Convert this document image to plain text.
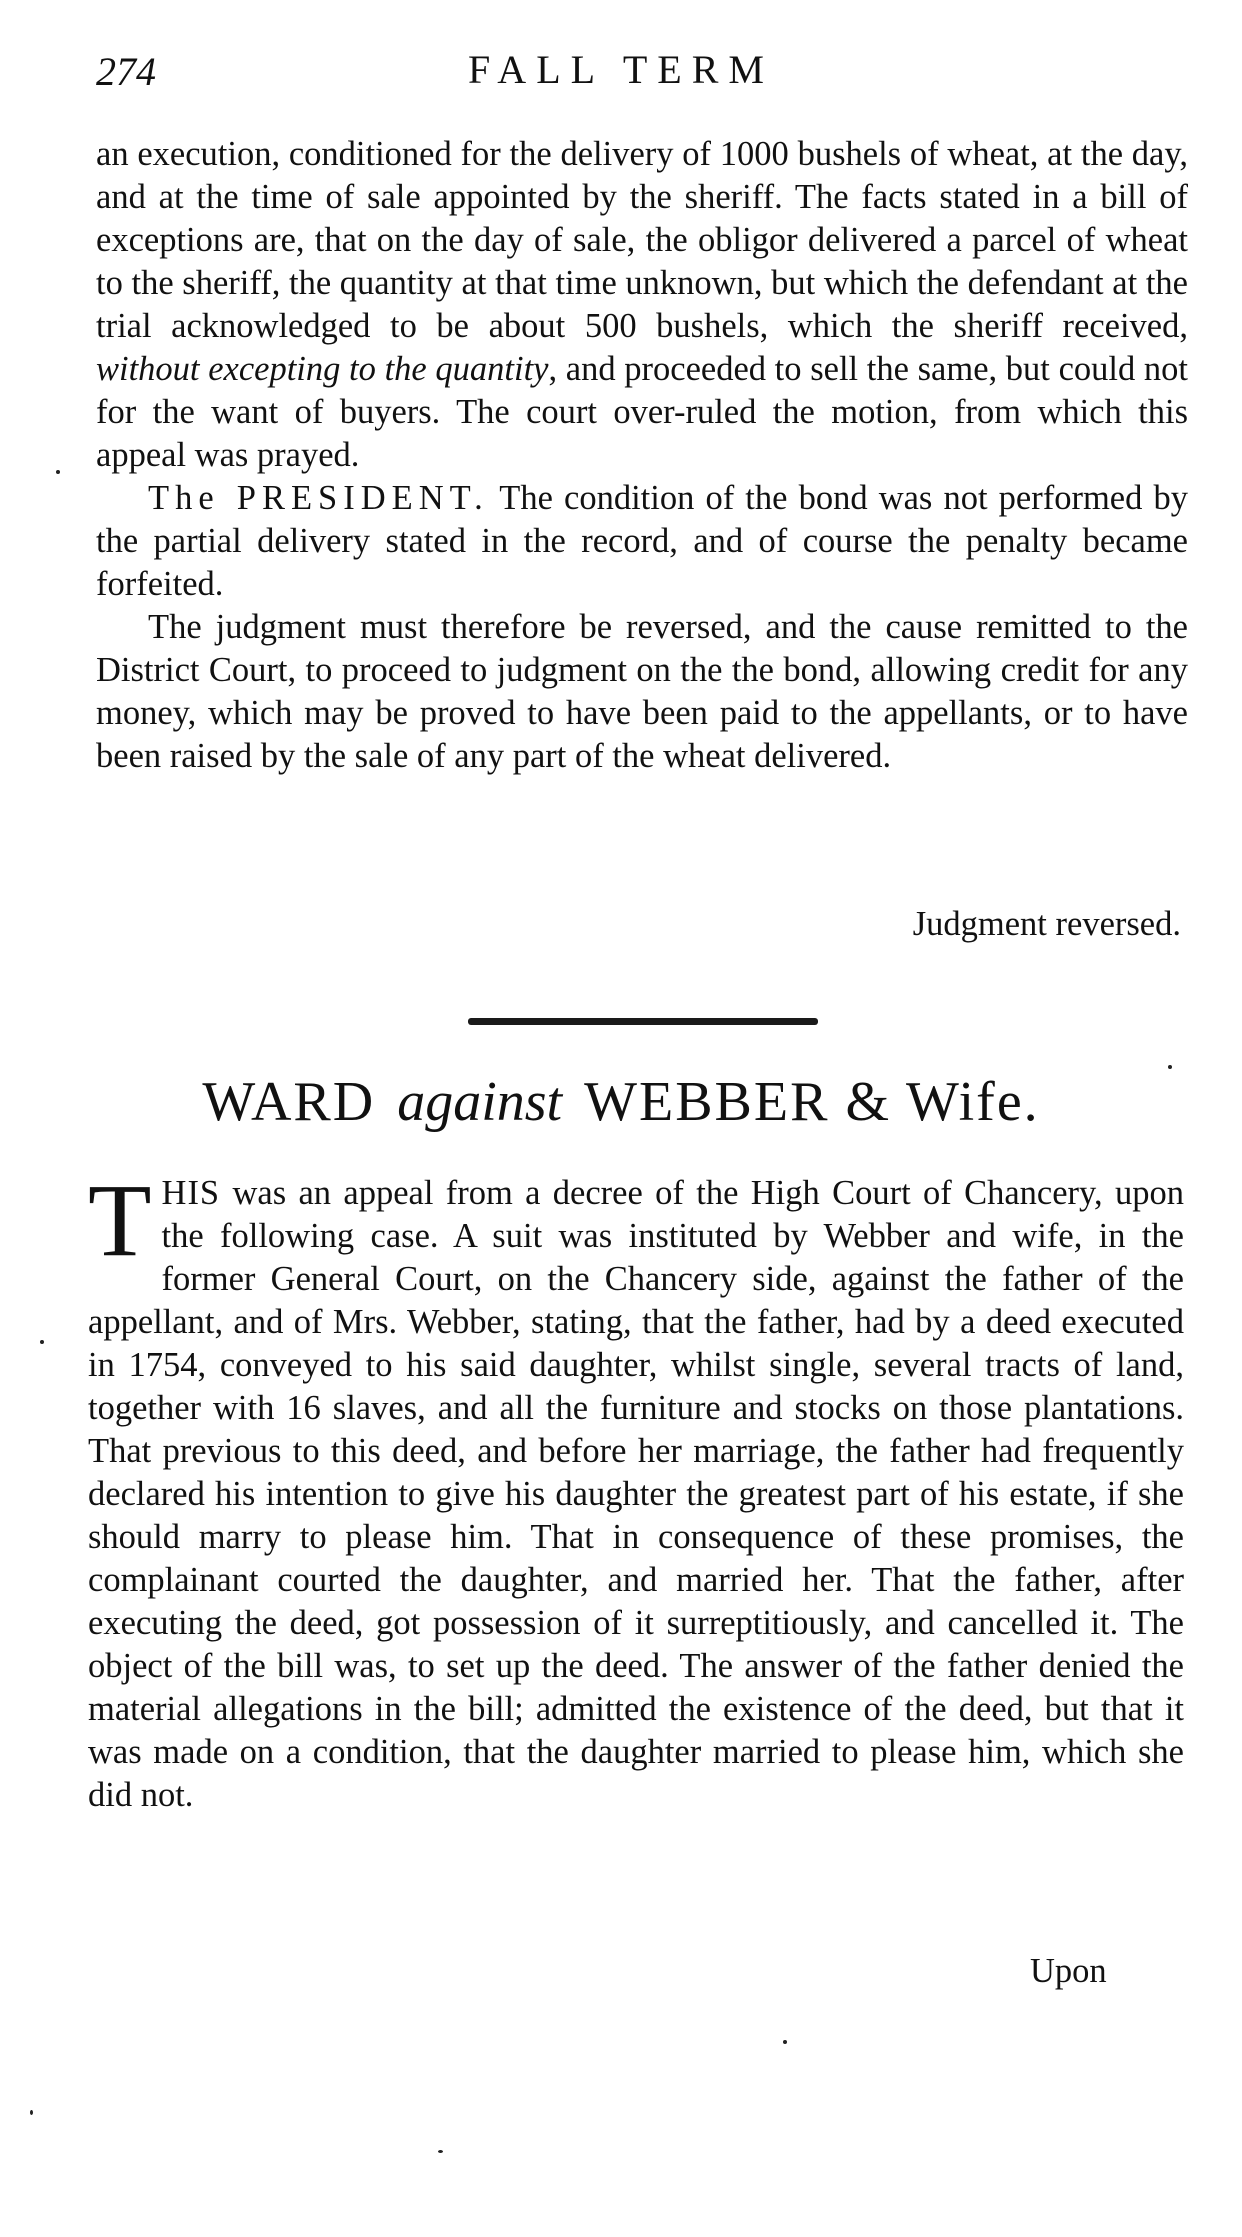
274	FALL TERM

an execution, conditioned for the delivery of 1000 bushels of wheat, at the day, and at the time of sale appointed by the sheriff. The facts stated in a bill of exceptions are, that on the day of sale, the obligor delivered a parcel of wheat to the sheriff, the quantity at that time unknown, but which the defendant at the trial acknowledged to be about 500 bushels, which the sheriff received, without excepting to the quantity, and proceeded to sell the same, but could not for the want of buyers. The court over-ruled the motion, from which this appeal was prayed.

The PRESIDENT. The condition of the bond was not performed by the partial delivery stated in the record, and of course the penalty became forfeited.

The judgment must therefore be reversed, and the cause remitted to the District Court, to proceed to judgment on the the bond, allowing credit for any money, which may be proved to have been paid to the appellants, or to have been raised by the sale of any part of the wheat delivered.

Judgment reversed.
WARD against WEBBER & Wife.

THIS was an appeal from a decree of the High Court of Chancery, upon the following case. A suit was instituted by Webber and wife, in the former General Court, on the Chancery side, against the father of the appellant, and of Mrs. Webber, stating, that the father, had by a deed executed in 1754, conveyed to his said daughter, whilst single, several tracts of land, together with 16 slaves, and all the furniture and stocks on those plantations. That previous to this deed, and before her marriage, the father had frequently declared his intention to give his daughter the greatest part of his estate, if she should marry to please him. That in consequence of these promises, the complainant courted the daughter, and married her. That the father, after executing the deed, got possession of it surreptitiously, and cancelled it. The object of the bill was, to set up the deed. The answer of the father denied the material allegations in the bill; admitted the existence of the deed, but that it was made on a condition, that the daughter married to please him, which she did not.

Upon
